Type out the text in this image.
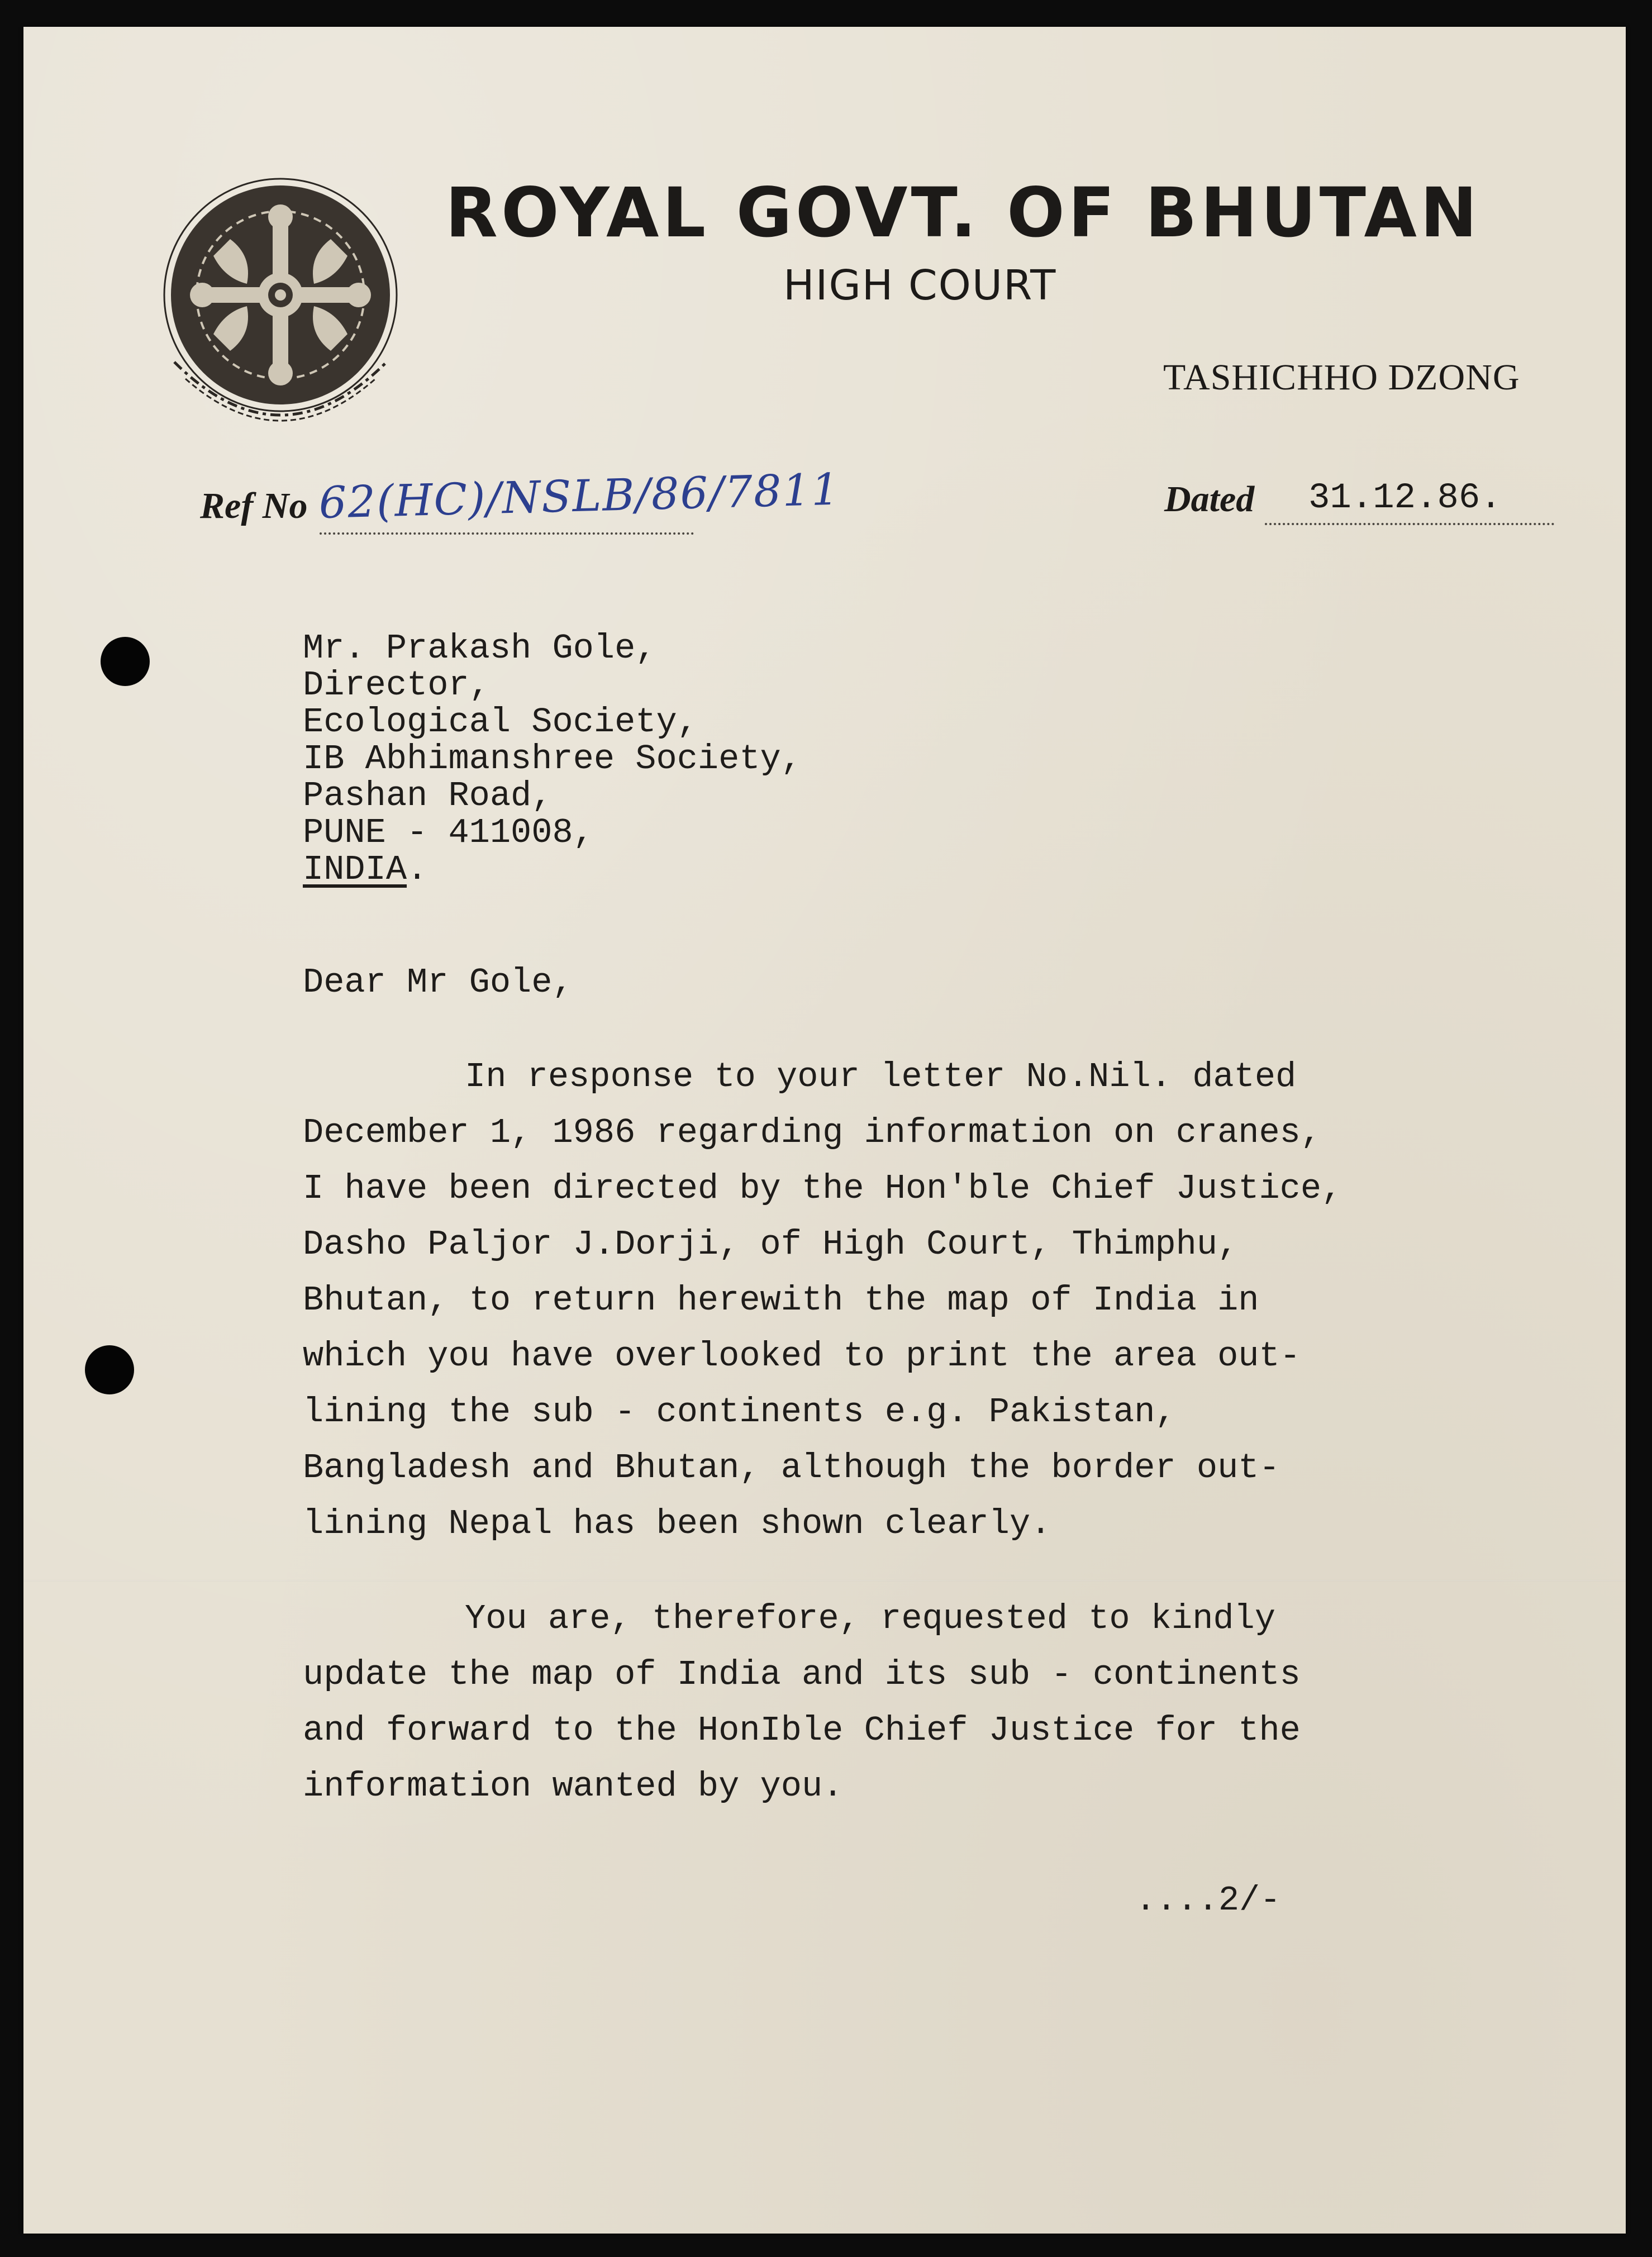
ROYAL GOVT. OF BHUTAN
HIGH COURT
TASHICHHO DZONG
Ref No 62(HC)/NSLB/86/7811	Dated 31.12.86.
Mr. Prakash Gole,
Director,
Ecological Society,
IB Abhimanshree Society,
Pashan Road,
PUNE - 411008,
INDIA.
Dear Mr Gole,
In response to your letter No.Nil. dated
December 1, 1986 regarding information on cranes,
I have been directed by the Hon'ble Chief Justice,
Dasho Paljor J.Dorji, of High Court, Thimphu,
Bhutan, to return herewith the map of India in
which you have overlooked to print the area out-
lining the sub - continents e.g. Pakistan,
Bangladesh and Bhutan, although the border out-
lining Nepal has been shown clearly.
You are, therefore, requested to kindly
update the map of India and its sub - continents
and forward to the HonIble Chief Justice for the
information wanted by you.
....2/-
